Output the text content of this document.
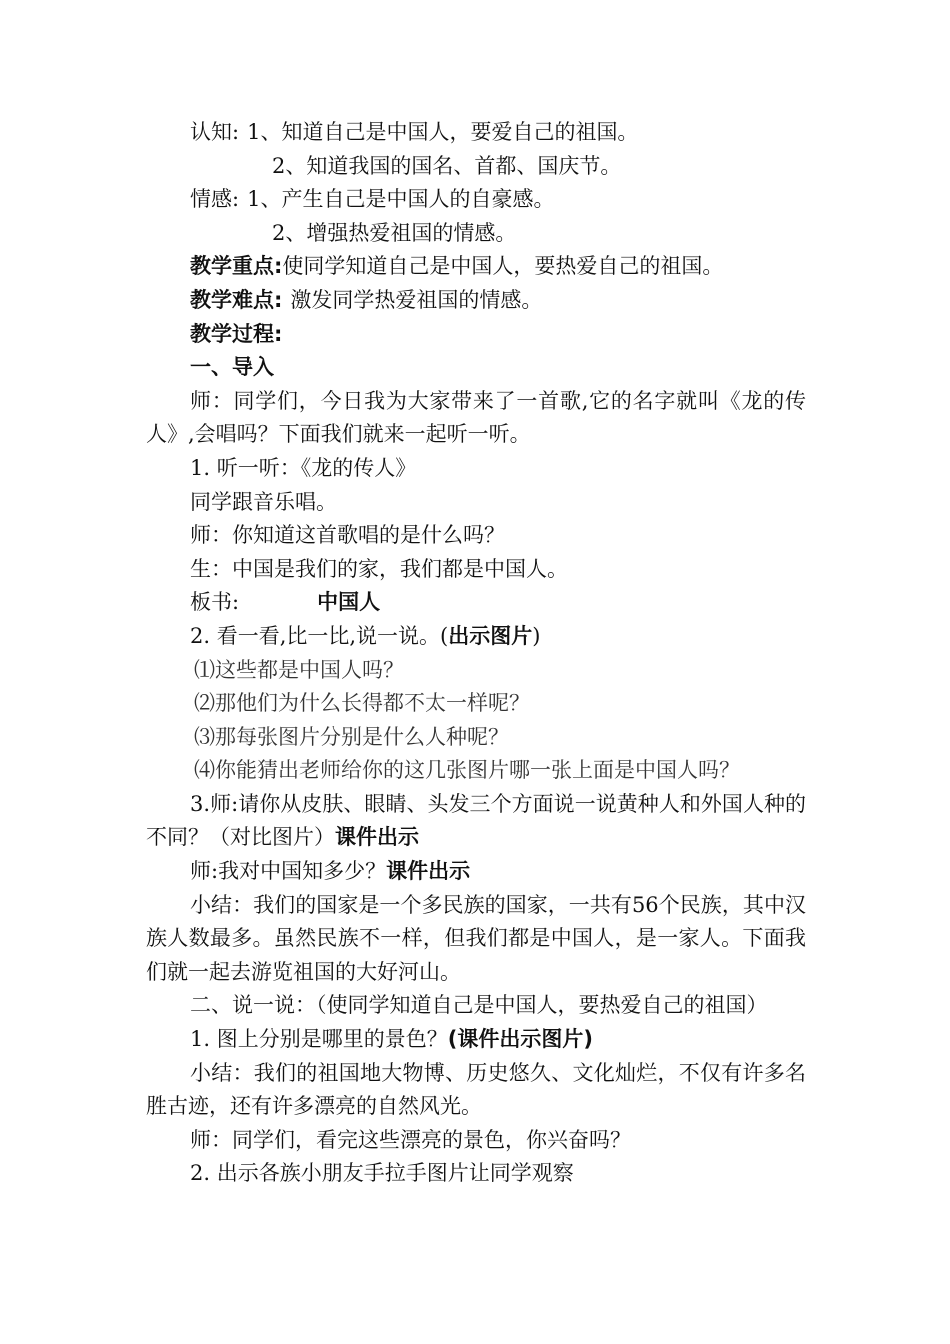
认知: 1、知道自己是中国人，要爱自己的祖国。
2、知道我国的国名、首都、国庆节。
情感: 1、产生自己是中国人的自豪感。
2、增强热爱祖国的情感。
教学重点:使同学知道自己是中国人，要热爱自己的祖国。
教学难点: 激发同学热爱祖国的情感。
教学过程:
一、导入
师：同学们，今日我为大家带来了一首歌,它的名字就叫《龙的传人》,会唱吗？下面我们就来一起听一听。
1. 听一听：《龙的传人》
同学跟音乐唱。
师：你知道这首歌唱的是什么吗？
生：中国是我们的家，我们都是中国人。
板书:	中国人
2. 看一看,比一比,说一说。(出示图片)
⑴这些都是中国人吗？
⑵那他们为什么长得都不太一样呢？
⑶那每张图片分别是什么人种呢？
⑷你能猜出老师给你的这几张图片哪一张上面是中国人吗？
3.师:请你从皮肤、眼睛、头发三个方面说一说黄种人和外国人种的不同？（对比图片）课件出示
师:我对中国知多少？课件出示
小结：我们的国家是一个多民族的国家，一共有56个民族，其中汉族人数最多。虽然民族不一样，但我们都是中国人，是一家人。下面我们就一起去游览祖国的大好河山。
二、说一说：（使同学知道自己是中国人，要热爱自己的祖国）
1. 图上分别是哪里的景色？(课件出示图片)
小结：我们的祖国地大物博、历史悠久、文化灿烂，不仅有许多名胜古迹，还有许多漂亮的自然风光。
师：同学们，看完这些漂亮的景色，你兴奋吗？
2. 出示各族小朋友手拉手图片让同学观察
